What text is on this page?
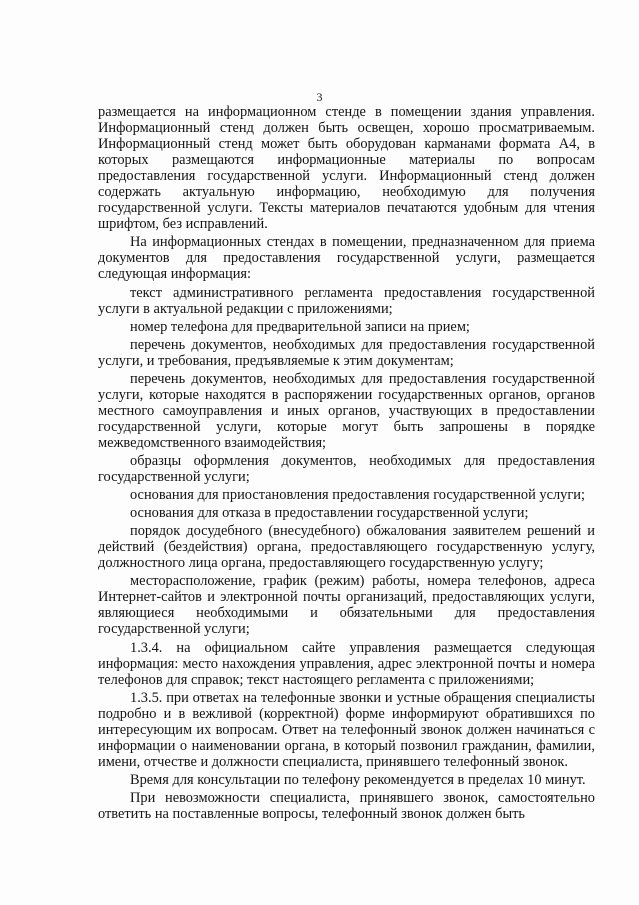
3

размещается на информационном стенде в помещении здания управления. Информационный стенд должен быть освещен, хорошо просматриваемым. Информационный стенд может быть оборудован карманами формата А4, в которых размещаются информационные материалы по вопросам предоставления государственной услуги. Информационный стенд должен содержать актуальную информацию, необходимую для получения государственной услуги. Тексты материалов печатаются удобным для чтения шрифтом, без исправлений.

На информационных стендах в помещении, предназначенном для приема документов для предоставления государственной услуги, размещается следующая информация:

текст административного регламента предоставления государственной услуги в актуальной редакции с приложениями;

номер телефона для предварительной записи на прием;

перечень документов, необходимых для предоставления государственной услуги, и требования, предъявляемые к этим документам;

перечень документов, необходимых для предоставления государственной услуги, которые находятся в распоряжении государственных органов, органов местного самоуправления и иных органов, участвующих в предоставлении государственной услуги, которые могут быть запрошены в порядке межведомственного взаимодействия;

образцы оформления документов, необходимых для предоставления государственной услуги;

основания для приостановления предоставления государственной услуги;

основания для отказа в предоставлении государственной услуги;

порядок досудебного (внесудебного) обжалования заявителем решений и действий (бездействия) органа, предоставляющего государственную услугу, должностного лица органа, предоставляющего государственную услугу;

месторасположение, график (режим) работы, номера телефонов, адреса Интернет-сайтов и электронной почты организаций, предоставляющих услуги, являющиеся необходимыми и обязательными для предоставления государственной услуги;

1.3.4. на официальном сайте управления размещается следующая информация: место нахождения управления, адрес электронной почты и номера телефонов для справок; текст настоящего регламента с приложениями;

1.3.5. при ответах на телефонные звонки и устные обращения специалисты подробно и в вежливой (корректной) форме информируют обратившихся по интересующим их вопросам. Ответ на телефонный звонок должен начинаться с информации о наименовании органа, в который позвонил гражданин, фамилии, имени, отчестве и должности специалиста, принявшего телефонный звонок.

Время для консультации по телефону рекомендуется в пределах 10 минут.

При невозможности специалиста, принявшего звонок, самостоятельно ответить на поставленные вопросы, телефонный звонок должен быть
